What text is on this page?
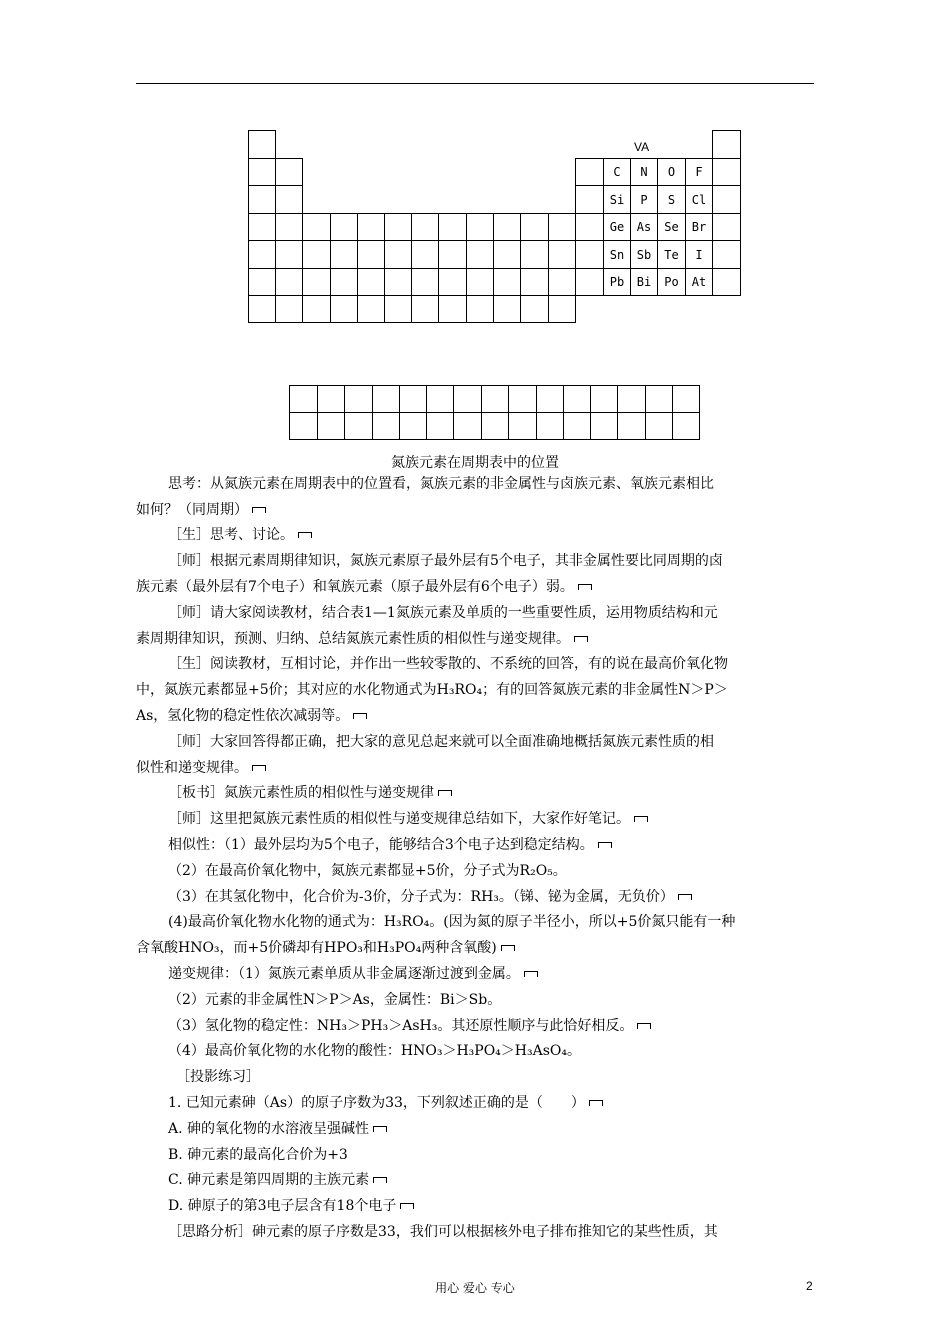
VA
氮族元素在周期表中的位置
思考：从氮族元素在周期表中的位置看，氮族元素的非金属性与卤族元素、氧族元素相比
如何？（同周期）
［生］思考、讨论。
［师］根据元素周期律知识，氮族元素原子最外层有5个电子，其非金属性要比同周期的卤
族元素（最外层有7个电子）和氧族元素（原子最外层有6个电子）弱。
［师］请大家阅读教材，结合表1—1氮族元素及单质的一些重要性质，运用物质结构和元
素周期律知识，预测、归纳、总结氮族元素性质的相似性与递变规律。
［生］阅读教材，互相讨论，并作出一些较零散的、不系统的回答，有的说在最高价氧化物
中，氮族元素都显+5价；其对应的水化物通式为H₃RO₄；有的回答氮族元素的非金属性N＞P＞
As，氢化物的稳定性依次减弱等。
［师］大家回答得都正确，把大家的意见总起来就可以全面准确地概括氮族元素性质的相
似性和递变规律。
［板书］氮族元素性质的相似性与递变规律
［师］这里把氮族元素性质的相似性与递变规律总结如下，大家作好笔记。
相似性：（1）最外层均为5个电子，能够结合3个电子达到稳定结构。
（2）在最高价氧化物中，氮族元素都显+5价，分子式为R₂O₅。
（3）在其氢化物中，化合价为-3价，分子式为：RH₃。（锑、铋为金属，无负价）
(4)最高价氧化物水化物的通式为：H₃RO₄。(因为氮的原子半径小，所以+5价氮只能有一种
含氧酸HNO₃，而+5价磷却有HPO₃和H₃PO₄两种含氧酸)
递变规律：（1）氮族元素单质从非金属逐渐过渡到金属。
（2）元素的非金属性N＞P＞As，金属性：Bi＞Sb。
（3）氢化物的稳定性：NH₃＞PH₃＞AsH₃。其还原性顺序与此恰好相反。
（4）最高价氧化物的水化物的酸性：HNO₃＞H₃PO₄＞H₃AsO₄。
［投影练习］
1. 已知元素砷（As）的原子序数为33，下列叙述正确的是（　　）
A. 砷的氧化物的水溶液呈强碱性
B. 砷元素的最高化合价为+3
C. 砷元素是第四周期的主族元素
D. 砷原子的第3电子层含有18个电子
［思路分析］砷元素的原子序数是33，我们可以根据核外电子排布推知它的某些性质，其
用心 爱心 专心	2
C	N	O	F
Si	P	S	Cl
Ge	As	Se	Br
Sn	Sb	Te	I
Pb	Bi	Po	At
